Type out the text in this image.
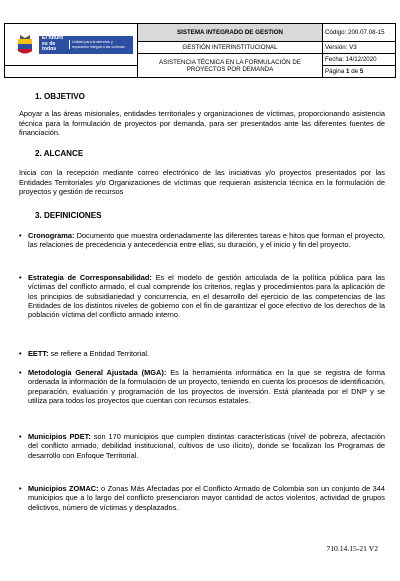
El futuro es de todos
Unidad para la atención y reparación integral a las víctimas	SISTEMA INTEGRADO DE GESTION	Código: 200.07.08-15
	GESTIÓN INTERINSTITUCIONAL	Versión: V3
	ASISTENCIA TÉCNICA EN LA FORMULACIÓN DE PROYECTOS POR DEMANDA	Fecha: 14/12/2020
		Página 1 de 5
1. OBJETIVO
Apoyar a las áreas misionales, entidades territoriales y organizaciones de víctimas, proporcionando asistencia técnica para la formulación de proyectos por demanda, para ser presentados ante las diferentes fuentes de financiación.
2. ALCANCE
Inicia con la recepción mediante correo electrónico de las iniciativas y/o proyectos presentados por las Entidades Territoriales y/o Organizaciones de víctimas que requieran asistencia técnica en la formulación de proyectos y gestión de recursos
3. DEFINICIONES
• Cronograma: Documento que muestra ordenadamente las diferentes tareas e hitos que forman el proyecto, las relaciones de precedencia y antecedencia entre ellas, su duración, y el inicio y fin del proyecto.
• Estrategia de Corresponsabilidad: Es el modelo de gestión articulada de la política pública para las víctimas del conflicto armado, el cual comprende los criterios, reglas y procedimientos para la aplicación de los principios de subsidiariedad y concurrencia, en el desarrollo del ejercicio de las competencias de las Entidades de los distintos niveles de gobierno con el fin de garantizar el goce efectivo de los derechos de la población víctima del conflicto armado interno.
• EETT: se refiere a Entidad Territorial.
• Metodología General Ajustada (MGA): Es la herramienta informática en la que se registra de forma ordenada la información de la formulación de un proyecto, teniendo en cuenta los procesos de identificación, preparación, evaluación y programación de los proyectos de inversión. Está planteada por el DNP y se utiliza para todos los proyectos que cuentan con recursos estatales.
• Municipios PDET: son 170 municipios que cumplen distintas características (nivel de pobreza, afectación del conflicto armado, debilidad institucional, cultivos de uso ilícito), donde se focalizan los Programas de desarrollo con Enfoque Territorial.
• Municipios ZOMAC: o Zonas Más Afectadas por el Conflicto Armado de Colombia son un conjunto de 344 municipios que a lo largo del conflicto presenciaron mayor cantidad de actos violentos, actividad de grupos delictivos, número de víctimas y desplazados.
710.14.15-21 V2
